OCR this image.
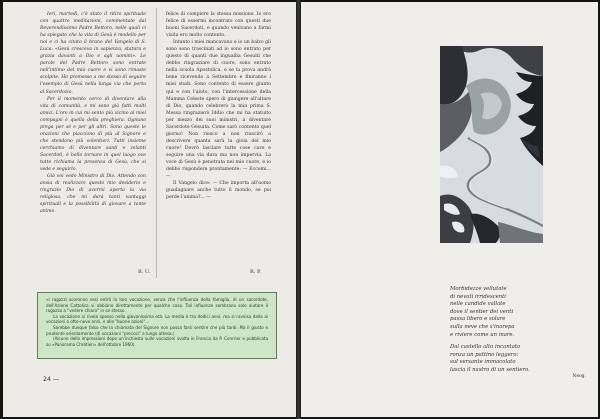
Ieri, martedì, c'è stato il ritiro spirituale con quattro meditazioni, commentate dal Reverendissimo Padre Bettoro, nelle quali ci ha spiegato che la vita di Gesù è modello per noi e ci ha citato il brano del Vangelo di S. Luca: «Gesù cresceva in sapienza, statura e grazia davanti a Dio e agli uomini». Le parole del Padre Bettoro sono entrate nell'intimo del mio cuore e vi sono rimaste scolpite. Ho promesso a me stesso di seguire l'esempio di Gesù nella lunga via che porta al Sacerdozio.

Per il momento cerco di diventare alla vita di comunità, e mi sono già fatti molti amici. L'ore in cui mi sento più vicino ai miei compagni è quella della preghiera. Ognuno prega per sé e per gli altri. Sono queste le orazioni che piacciono di più al Signore e che stendono più volentieri. Tutti insieme cerchiamo di diventare santi e zelanti Sacerdoti, è bello tornare in quel luogo ove tutto richiama la presenza di Gesù, che si vede e seguirlo.

Già voi vedo Ministro di Dio. Attendo con ansia di realizzare questo mio desiderio e ringrazio Dio di avermi aperta la via religiosa, che mi darà tanti vantaggi spirituali e la possibilità di giovare a tante anime.

felice di compiere la stessa missione. Io ero felice di essermi incontrato con questi due buoni Sacerdoti, e quando venivano a farmi visita ero molto contento.

Intanto i miei mancavano e io un balzo gli sono sono trascinati ad io sono entrato per questo di quanti due inguaiba Gesuiti che debbo ringraziare di cuore, sono entrato nella scuola Apostolica, e se la prova andrà bene ricevendo a Settembre e finiranno i miei studi. Sono contento di essere giunto qui e con l'aiuto, con l'intercessione della Mamma Celeste spero di giungere all'altare di Dio, quando celebrerò la mia prima S. Messa ringrazierò Iddio che mi ha statuito per mezzo dei suoi ministri, a diventare Sacerdote Gesuita. Come sarò contento quel giorno! Non riesco a non riuscirò a descrivere quanta sarà la gioia del mio cuore! Dovrò lasciare tutte cose care e seguire una via dura ma non impervia. La voce di Gesù è penetrata nel mio cuore, e io debbo rispondere prontamente: — Eccomi… —

Il Vangelo dice: — Che importa all'uomo guadagnare anche tutto il mondo, se poi perde l'anima?… —

B. U.	R. P.

«I ragazzi scoronno essi entrò la loro vocazione, senza che l'influenza della famiglia, di un sacerdote, dell'Azione Cattolica vi abbiano direttamente per qualche cosa. Tali influenze sembrano solo aiutare il ragazzo a "vedere chiaro" in se stesso.

La vocazione si rivela spesso nella giovanissima età. La media è tra dodici anni, ma si ravvisa dalla ai vocazioni a otto-nove anni, e alle "buone azioni"...

Sarebbe dunque falso che la chiamata del Signore non possa farsi sentire che più tardi. Ma il giusto e prudente orientamento (di vocazioni "precoci" a lungo attesa.)

(Alcune delle impressioni dopo un'inchiesta sulle vocazioni svolta in Francia da P. Conrrier e pubblicata su «Panorama Chrétien» dell'ottobre 1960).

24 —
Morbidezze vellutate
di nevati irridescenti
nelle candide vallate
dove il sentier dei venti
passa libero e solare
sulla neve che s'inarepa
e riviere come un mare.
Dal castello alto incantato
ronza un pattino leggero:
sul versante immacolato
lascia il nastro di un sentiero.
Neog.
